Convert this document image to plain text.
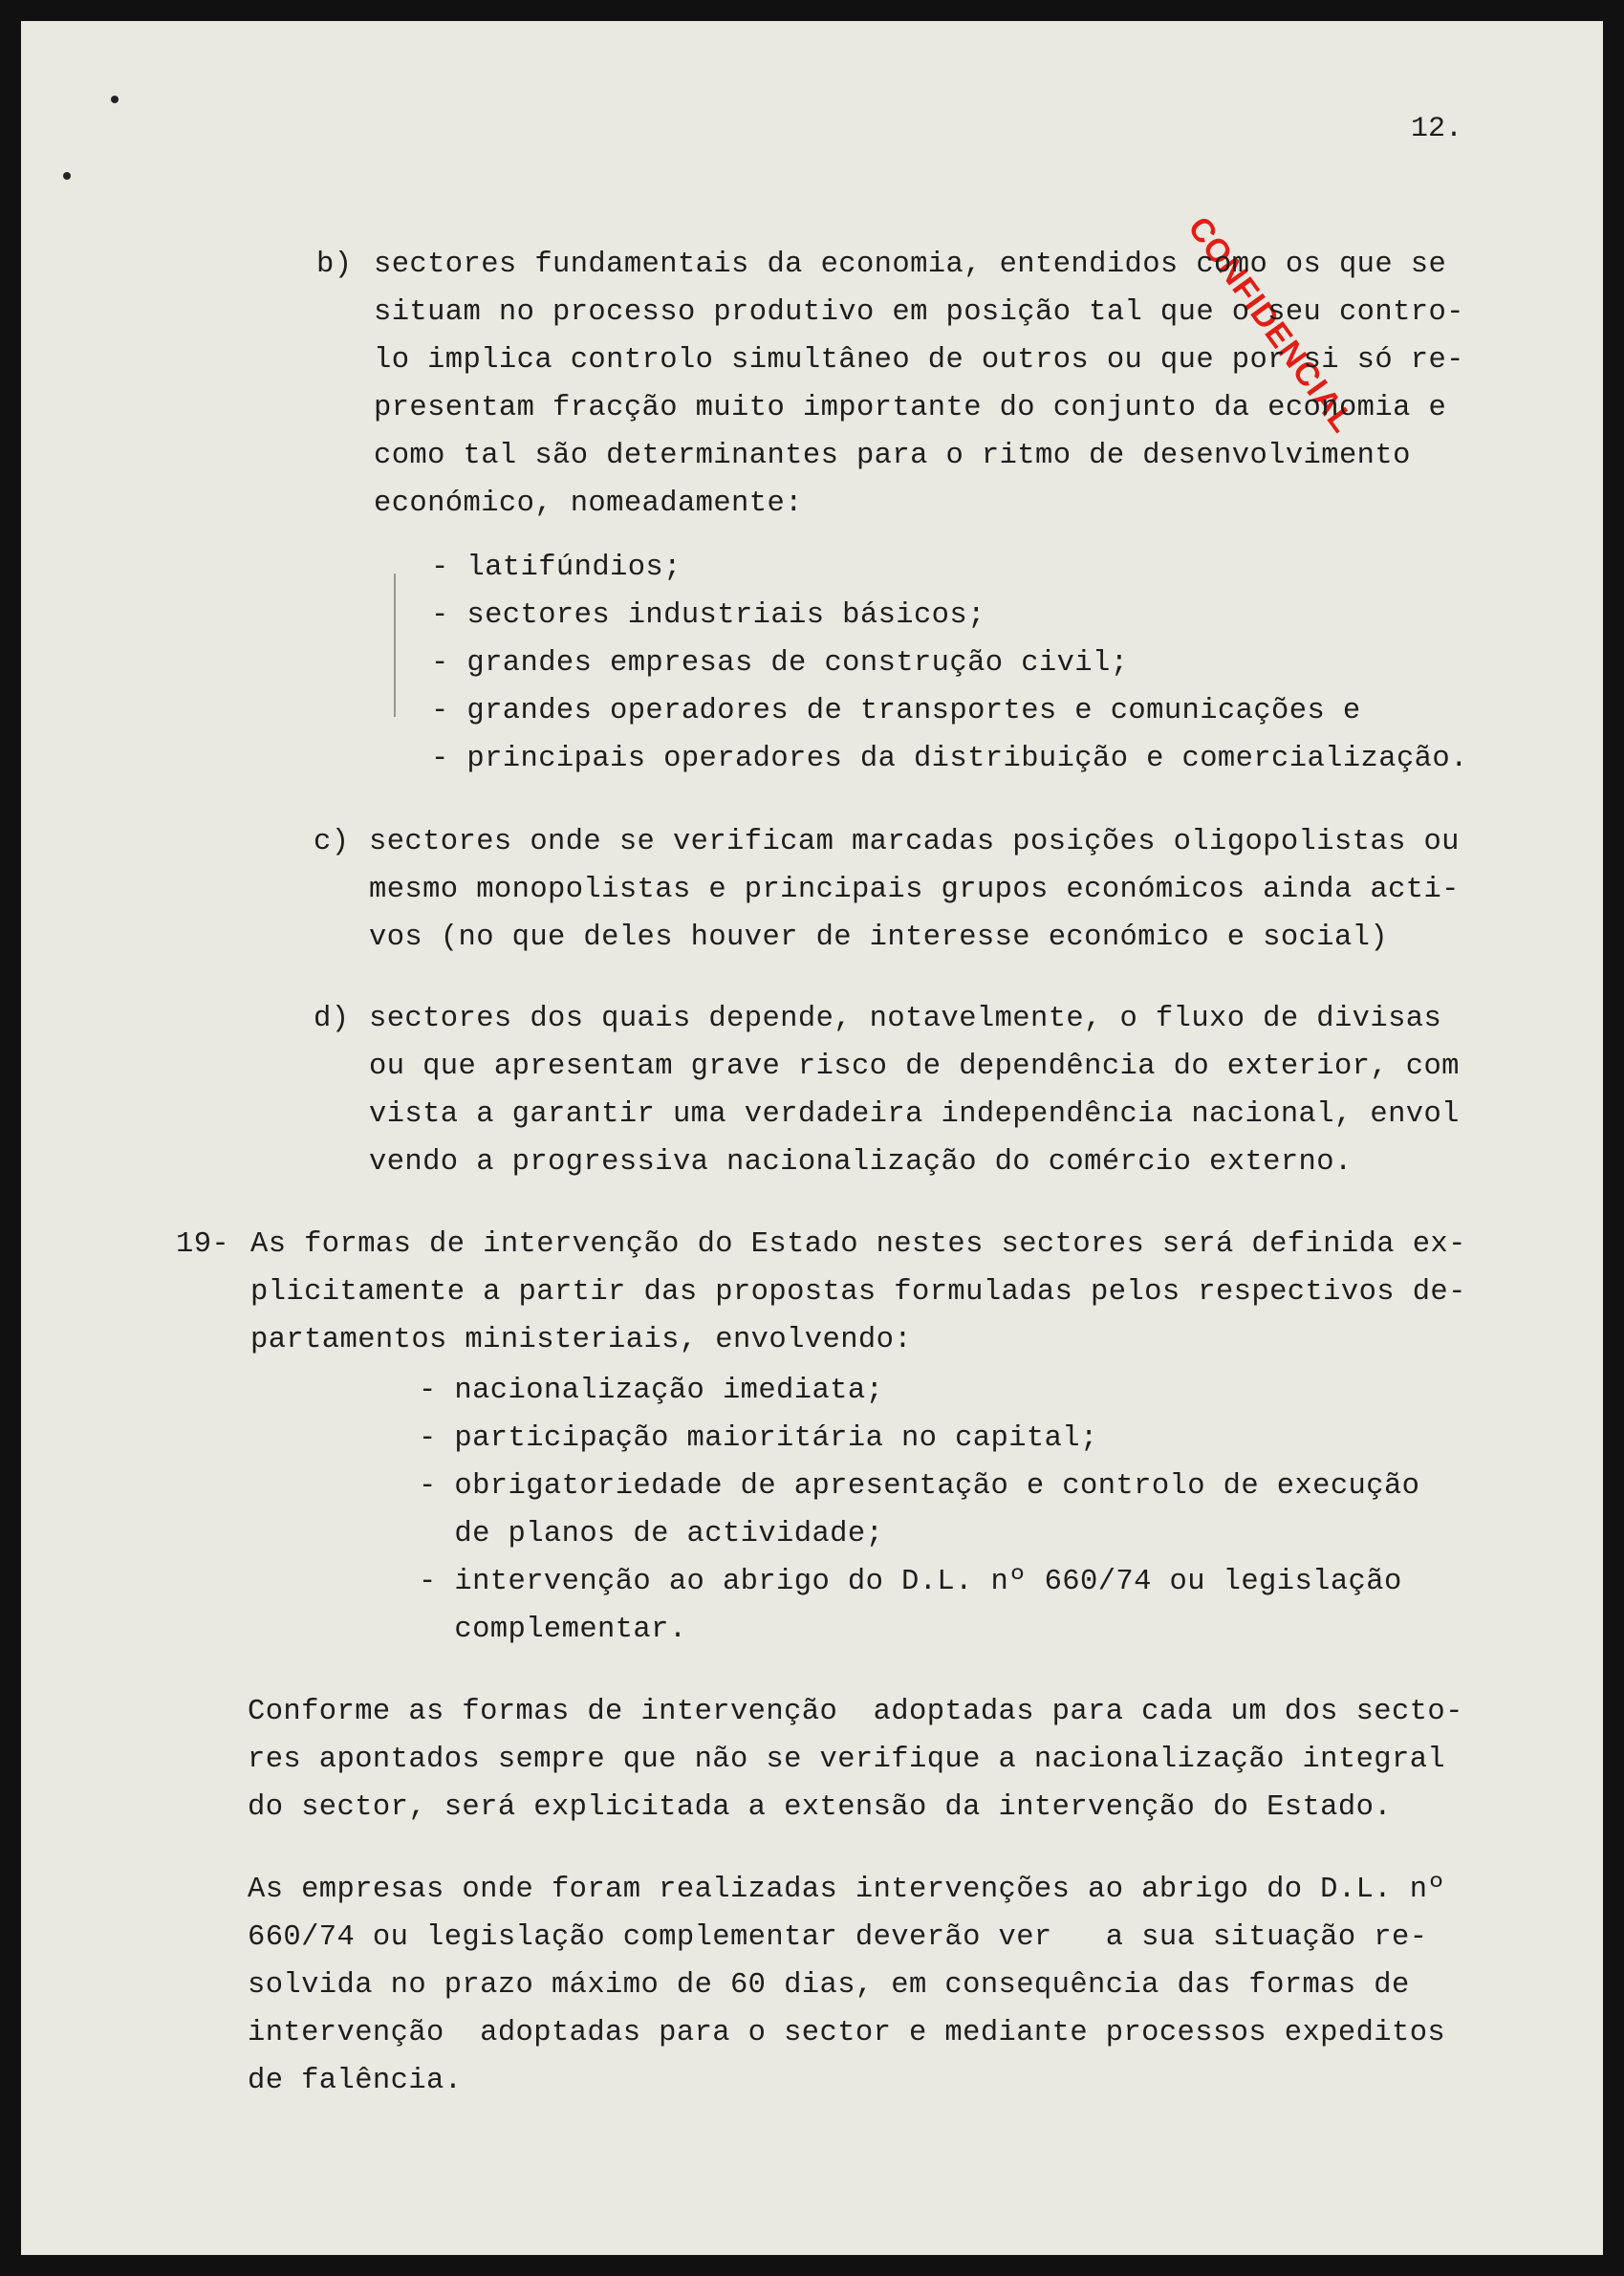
12.
CONFIDENCIAL
b) sectores fundamentais da economia, entendidos como os que se
situam no processo produtivo em posição tal que o seu contro-
lo implica controlo simultâneo de outros ou que por si só re-
presentam fracção muito importante do conjunto da economia e
como tal são determinantes para o ritmo de desenvolvimento
económico, nomeadamente:
- latifúndios;
- sectores industriais básicos;
- grandes empresas de construção civil;
- grandes operadores de transportes e comunicações e
- principais operadores da distribuição e comercialização.
c) sectores onde se verificam marcadas posições oligopolistas ou
mesmo monopolistas e principais grupos económicos ainda acti-
vos (no que deles houver de interesse económico e social)
d) sectores dos quais depende, notavelmente, o fluxo de divisas
ou que apresentam grave risco de dependência do exterior, com
vista a garantir uma verdadeira independência nacional, envol
vendo a progressiva nacionalização do comércio externo.
19- As formas de intervenção do Estado nestes sectores será definida ex-
plicitamente a partir das propostas formuladas pelos respectivos de-
partamentos ministeriais, envolvendo:
- nacionalização imediata;
- participação maioritária no capital;
- obrigatoriedade de apresentação e controlo de execução
de planos de actividade;
- intervenção ao abrigo do D.L. nº 660/74 ou legislação
complementar.
Conforme as formas de intervenção  adoptadas para cada um dos secto-
res apontados sempre que não se verifique a nacionalização integral
do sector, será explicitada a extensão da intervenção do Estado.
As empresas onde foram realizadas intervenções ao abrigo do D.L. nº
660/74 ou legislação complementar deverão ver   a sua situação re-
solvida no prazo máximo de 60 dias, em consequência das formas de
intervenção  adoptadas para o sector e mediante processos expeditos
de falência.
